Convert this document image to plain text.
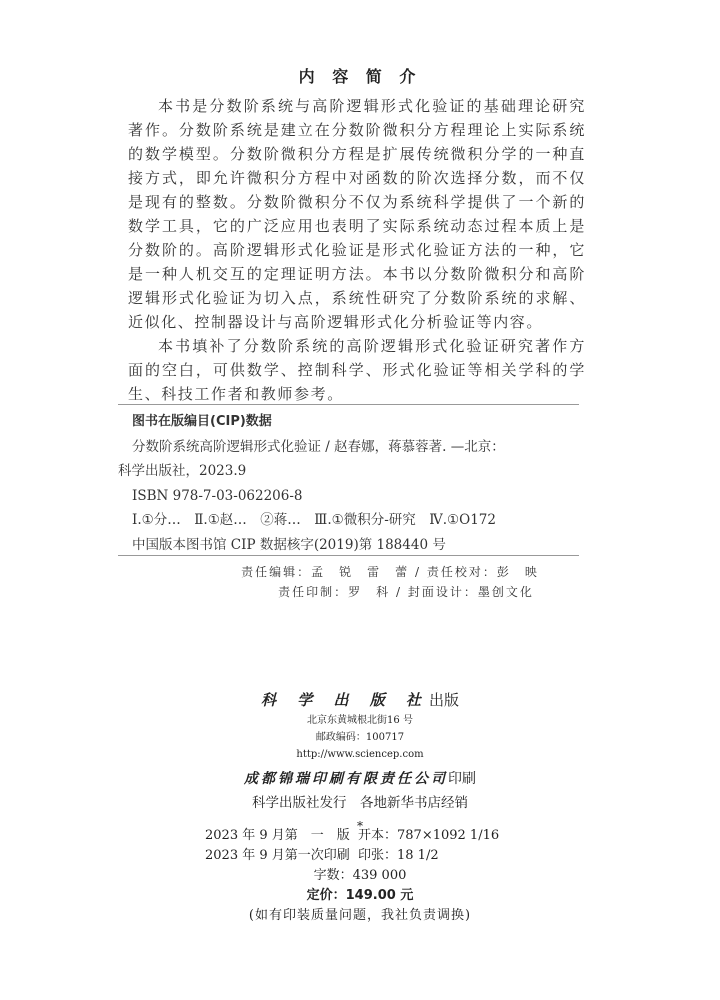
内 容 简 介

本书是分数阶系统与高阶逻辑形式化验证的基础理论研究著作。分数阶系统是建立在分数阶微积分方程理论上实际系统的数学模型。分数阶微积分方程是扩展传统微积分学的一种直接方式，即允许微积分方程中对函数的阶次选择分数，而不仅是现有的整数。分数阶微积分不仅为系统科学提供了一个新的数学工具，它的广泛应用也表明了实际系统动态过程本质上是分数阶的。高阶逻辑形式化验证是形式化验证方法的一种，它是一种人机交互的定理证明方法。本书以分数阶微积分和高阶逻辑形式化验证为切入点，系统性研究了分数阶系统的求解、近似化、控制器设计与高阶逻辑形式化分析验证等内容。

本书填补了分数阶系统的高阶逻辑形式化验证研究著作方面的空白，可供数学、控制科学、形式化验证等相关学科的学生、科技工作者和教师参考。

图书在版编目(CIP)数据
分数阶系统高阶逻辑形式化验证 / 赵春娜，蒋慕蓉著. —北京：
科学出版社，2023.9
ISBN 978-7-03-062206-8
Ⅰ.①分…　Ⅱ.①赵…　②蒋…　Ⅲ.①微积分-研究　Ⅳ.①O172
中国版本图书馆 CIP 数据核字(2019)第 188440 号
责任编辑：孟　锐　雷　蕾 / 责任校对：彭　映
责任印制：罗　科 / 封面设计：墨创文化
科 学 出 版 社出版
北京东黄城根北街16 号
邮政编码：100717
http://www.sciencep.com
成都锦瑞印刷有限责任公司印刷
科学出版社发行　各地新华书店经销
*
2023 年 9 月第　一　版 开本：787×1092 1/16
2023 年 9 月第一次印刷 印张：18 1/2
字数：439 000
定价：149.00 元
(如有印装质量问题，我社负责调换)
